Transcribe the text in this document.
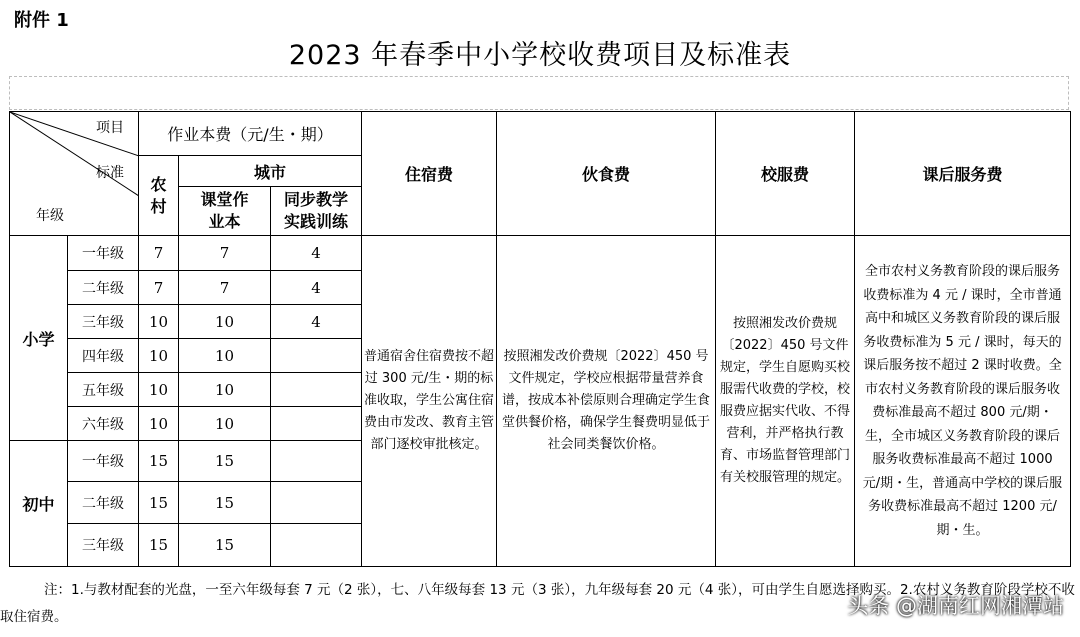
附件 1
2023 年春季中小学校收费项目及标准表
项目
标准
年级		作业本费（元/生・期）			住宿费	伙食费	校服费	课后服务费
		农村	城市					
			课堂作业本	同步教学实践训练				
小学	一年级	7	7	4	普通宿舍住宿费按不超过 300 元/生・期的标准收取，学生公寓住宿费由市发改、教育主管部门逐校审批核定。	按照湘发改价费规〔2022〕450 号文件规定，学校应根据带量营养食谱，按成本补偿原则合理确定学生食堂供餐价格，确保学生餐费明显低于社会同类餐饮价格。	按照湘发改价费规〔2022〕450 号文件规定，学生自愿购买校服需代收费的学校，校服费应据实代收、不得营利，并严格执行教育、市场监督管理部门有关校服管理的规定。	全市农村义务教育阶段的课后服务收费标准为 4 元 / 课时，全市普通高中和城区义务教育阶段的课后服务收费标准为 5 元 / 课时，每天的课后服务按不超过 2 课时收费。全市农村义务教育阶段的课后服务收费标准最高不超过 800 元/期・生，全市城区义务教育阶段的课后服务收费标准最高不超过 1000 元/期・生，普通高中学校的课后服务收费标准最高不超过 1200 元/期・生。
	二年级	7	7	4				
	三年级	10	10	4				
	四年级	10	10					
	五年级	10	10					
	六年级	10	10					
初中	一年级	15	15					
	二年级	15	15					
	三年级	15	15					
注：1.与教材配套的光盘，一至六年级每套 7 元（2 张），七、八年级每套 13 元（3 张），九年级每套 20 元（4 张），可由学生自愿选择购买。2.农村义务教育阶段学校不收取住宿费。	头条 @湖南红网湘潭站
